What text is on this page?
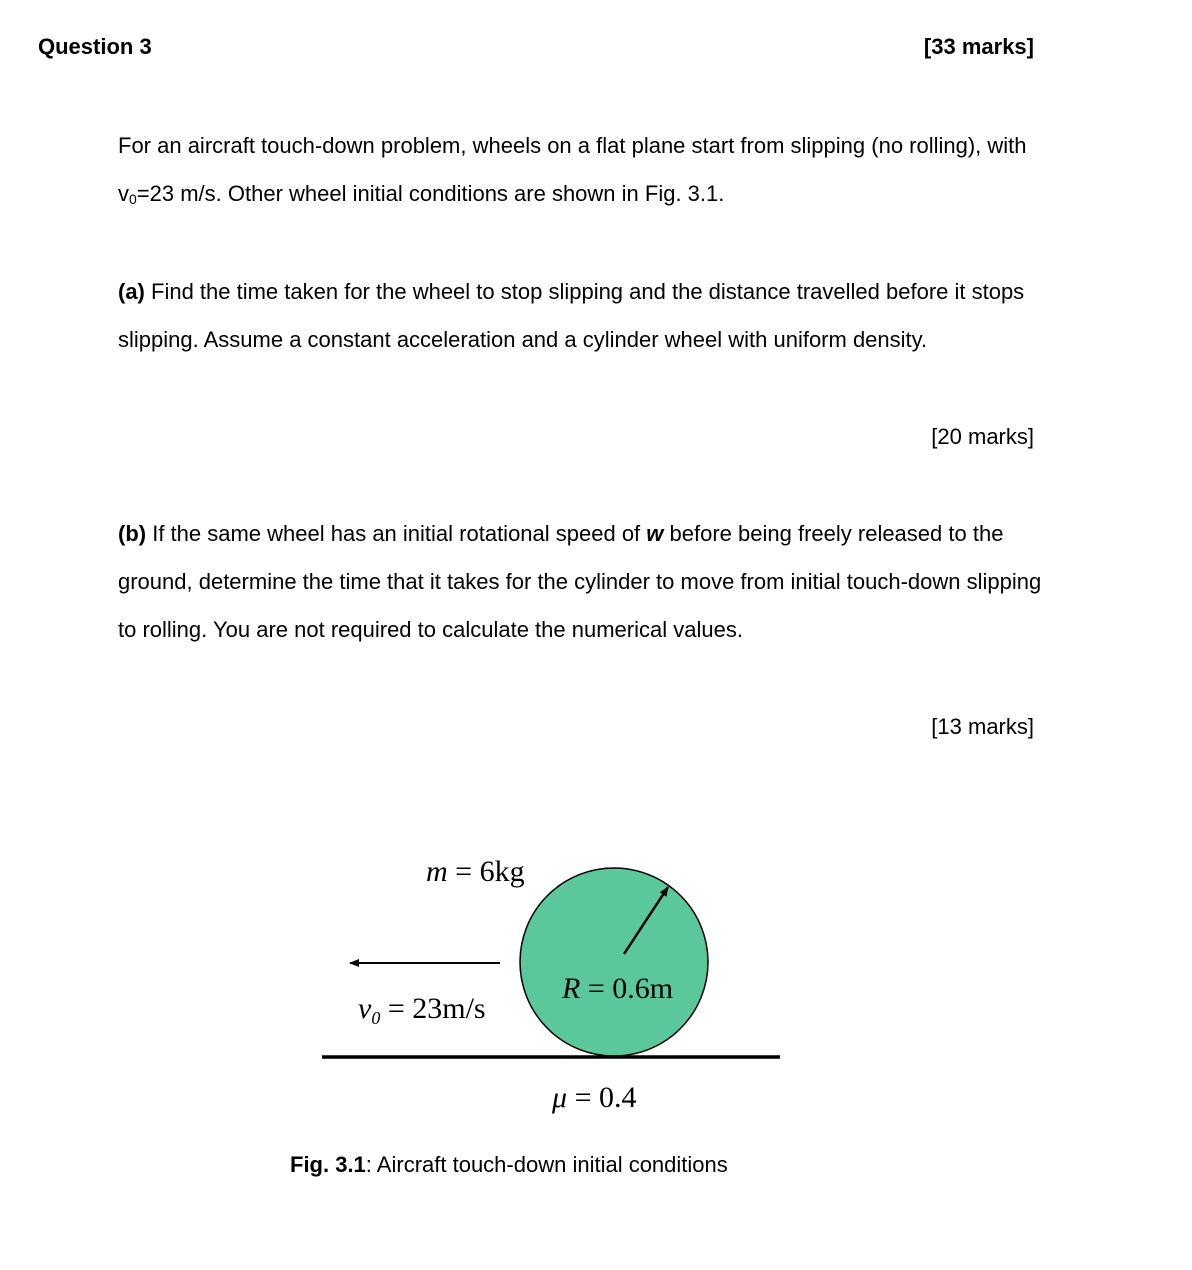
Question 3	[33 marks]

For an aircraft touch-down problem, wheels on a flat plane start from slipping (no rolling), with v0=23 m/s. Other wheel initial conditions are shown in Fig. 3.1.

(a) Find the time taken for the wheel to stop slipping and the distance travelled before it stops slipping. Assume a constant acceleration and a cylinder wheel with uniform density.

[20 marks]

(b) If the same wheel has an initial rotational speed of w before being freely released to the ground, determine the time that it takes for the cylinder to move from initial touch-down slipping to rolling. You are not required to calculate the numerical values.

[13 marks]
m = 6kg
$v_0 = 23m/s$
R = 0.6m
μ = 0.4
Fig. 3.1: Aircraft touch-down initial conditions
